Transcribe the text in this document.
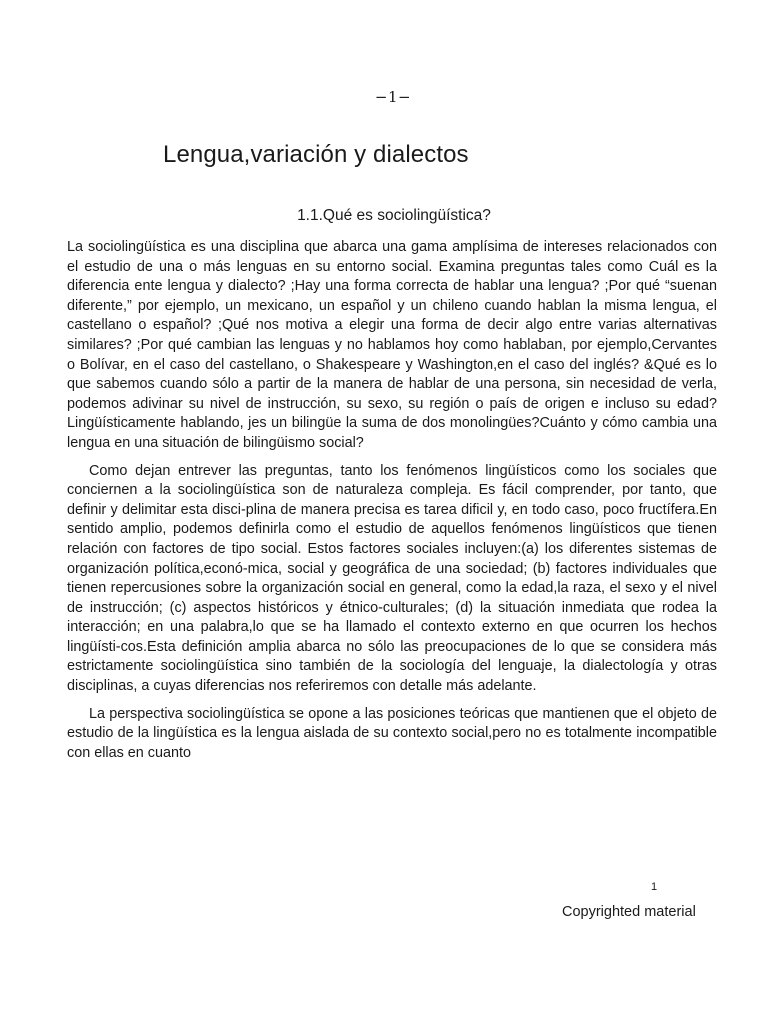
−1−
Lengua,variación y dialectos
1.1.Qué es sociolingüística?

La sociolingüística es una disciplina que abarca una gama amplísima de intereses relacionados con el estudio de una o más lenguas en su entorno social. Examina preguntas tales como Cuál es la diferencia ente lengua y dialecto? ;Hay una forma correcta de hablar una lengua? ;Por qué “suenan diferente,” por ejemplo, un mexicano, un español y un chileno cuando hablan la misma lengua, el castellano o español? ;Qué nos motiva a elegir una forma de decir algo entre varias alternativas similares? ;Por qué cambian las lenguas y no hablamos hoy como hablaban, por ejemplo,Cervantes o Bolívar, en el caso del castellano, o Shakespeare y Washington,en el caso del inglés? &Qué es lo que sabemos cuando sólo a partir de la manera de hablar de una persona, sin necesidad de verla, podemos adivinar su nivel de instrucción, su sexo, su región o país de origen e incluso su edad?Lingüísticamente hablando, jes un bilingüe la suma de dos monolingües?Cuánto y cómo cambia una lengua en una situación de bilingüismo social?

Como dejan entrever las preguntas, tanto los fenómenos lingüísticos como los sociales que conciernen a la sociolingüística son de naturaleza compleja. Es fácil comprender, por tanto, que definir y delimitar esta disci-plina de manera precisa es tarea dificil y, en todo caso, poco fructífera.En sentido amplio, podemos definirla como el estudio de aquellos fenómenos lingüísticos que tienen relación con factores de tipo social. Estos factores sociales incluyen:(a) los diferentes sistemas de organización política,econó-mica, social y geográfica de una sociedad; (b) factores individuales que tienen repercusiones sobre la organización social en general, como la edad,la raza, el sexo y el nivel de instrucción; (c) aspectos históricos y étnico-culturales; (d) la situación inmediata que rodea la interacción; en una palabra,lo que se ha llamado el contexto externo en que ocurren los hechos lingüísti-cos.Esta definición amplia abarca no sólo las preocupaciones de lo que se considera más estrictamente sociolingüística sino también de la sociología del lenguaje, la dialectología y otras disciplinas, a cuyas diferencias nos referiremos con detalle más adelante.

La perspectiva sociolingüística se opone a las posiciones teóricas que mantienen que el objeto de estudio de la lingüística es la lengua aislada de su contexto social,pero no es totalmente incompatible con ellas en cuanto

1
Copyrighted material
